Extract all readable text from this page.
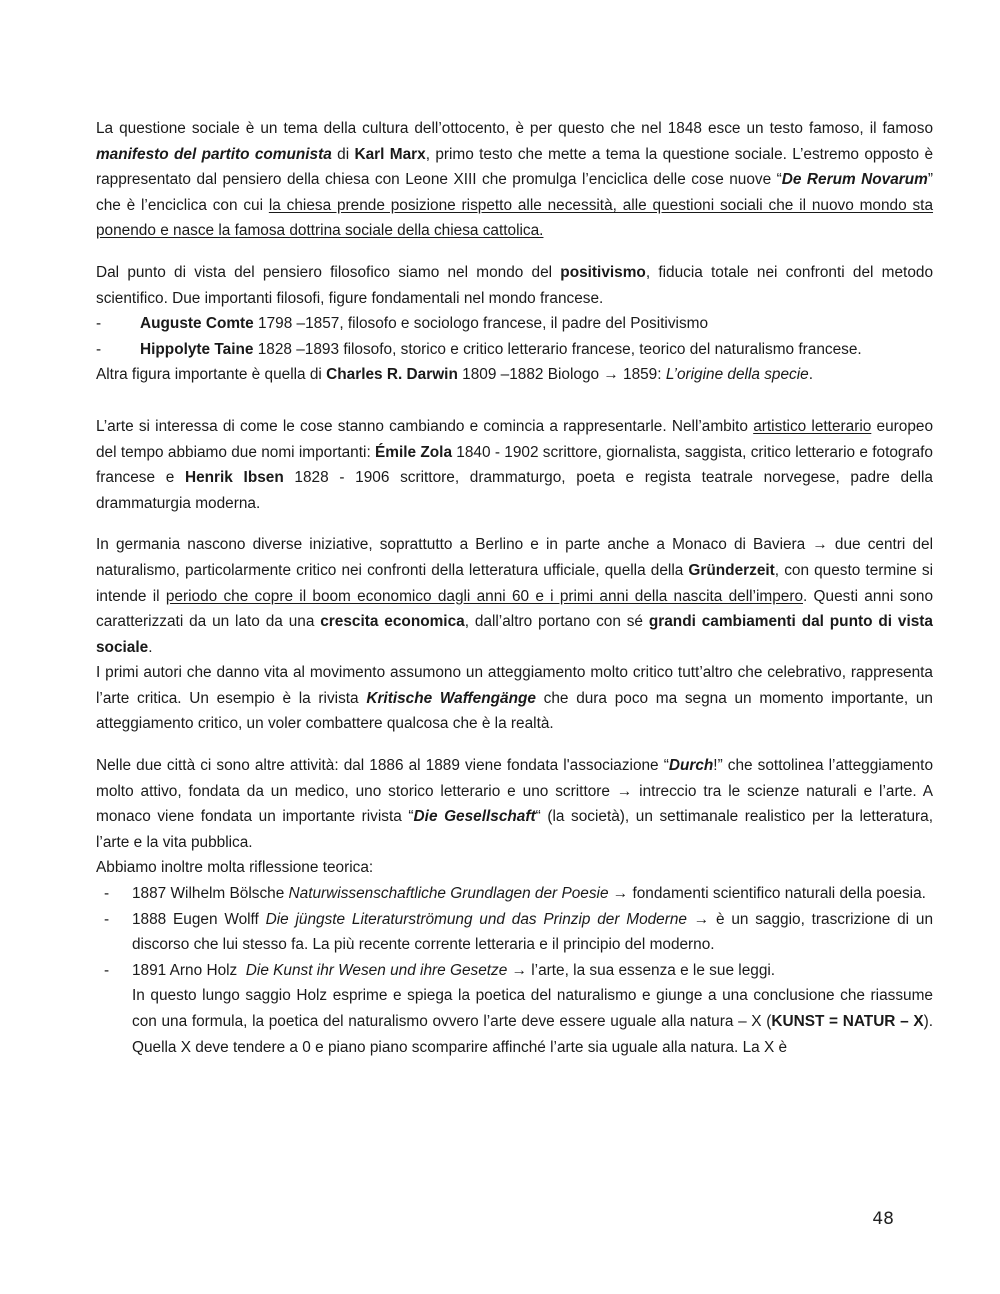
La questione sociale è un tema della cultura dell’ottocento, è per questo che nel 1848 esce un testo famoso, il famoso manifesto del partito comunista di Karl Marx, primo testo che mette a tema la questione sociale. L’estremo opposto è rappresentato dal pensiero della chiesa con Leone XIII che promulga l’enciclica delle cose nuove “De Rerum Novarum” che è l’enciclica con cui la chiesa prende posizione rispetto alle necessità, alle questioni sociali che il nuovo mondo sta ponendo e nasce la famosa dottrina sociale della chiesa cattolica.

Dal punto di vista del pensiero filosofico siamo nel mondo del positivismo, fiducia totale nei confronti del metodo scientifico. Due importanti filosofi, figure fondamentali nel mondo francese.

-	Auguste Comte 1798 –1857, filosofo e sociologo francese, il padre del Positivismo

-	Hippolyte Taine 1828 –1893 filosofo, storico e critico letterario francese, teorico del naturalismo francese.

Altra figura importante è quella di Charles R. Darwin 1809 –1882 Biologo → 1859: L’origine della specie.

L’arte si interessa di come le cose stanno cambiando e comincia a rappresentarle. Nell’ambito artistico letterario europeo del tempo abbiamo due nomi importanti: Émile Zola 1840 - 1902 scrittore, giornalista, saggista, critico letterario e fotografo francese e Henrik Ibsen 1828 - 1906 scrittore, drammaturgo, poeta e regista teatrale norvegese, padre della drammaturgia moderna.

In germania nascono diverse iniziative, soprattutto a Berlino e in parte anche a Monaco di Baviera → due centri del naturalismo, particolarmente critico nei confronti della letteratura ufficiale, quella della Gründerzeit, con questo termine si intende il periodo che copre il boom economico dagli anni 60 e i primi anni della nascita dell’impero. Questi anni sono caratterizzati da un lato da una crescita economica, dall’altro portano con sé grandi cambiamenti dal punto di vista sociale.

I primi autori che danno vita al movimento assumono un atteggiamento molto critico tutt’altro che celebrativo, rappresenta l’arte critica. Un esempio è la rivista Kritische Waffengänge che dura poco ma segna un momento importante, un atteggiamento critico, un voler combattere qualcosa che è la realtà.

Nelle due città ci sono altre attività: dal 1886 al 1889 viene fondata l'associazione “Durch!” che sottolinea l’atteggiamento molto attivo, fondata da un medico, uno storico letterario e uno scrittore → intreccio tra le scienze naturali e l’arte. A monaco viene fondata un importante rivista “Die Gesellschaft“ (la società), un settimanale realistico per la letteratura, l’arte e la vita pubblica.

Abbiamo inoltre molta riflessione teorica:

- 1887 Wilhelm Bölsche Naturwissenschaftliche Grundlagen der Poesie → fondamenti scientifico naturali della poesia.

- 1888 Eugen Wolff Die jüngste Literaturströmung und das Prinzip der Moderne → è un saggio, trascrizione di un discorso che lui stesso fa. La più recente corrente letteraria e il principio del moderno.

- 1891 Arno Holz  Die Kunst ihr Wesen und ihre Gesetze → l’arte, la sua essenza e le sue leggi.

In questo lungo saggio Holz esprime e spiega la poetica del naturalismo e giunge a una conclusione che riassume con una formula, la poetica del naturalismo ovvero l’arte deve essere uguale alla natura – X (KUNST = NATUR – X). Quella X deve tendere a 0 e piano piano scomparire affinché l’arte sia uguale alla natura. La X è

48
